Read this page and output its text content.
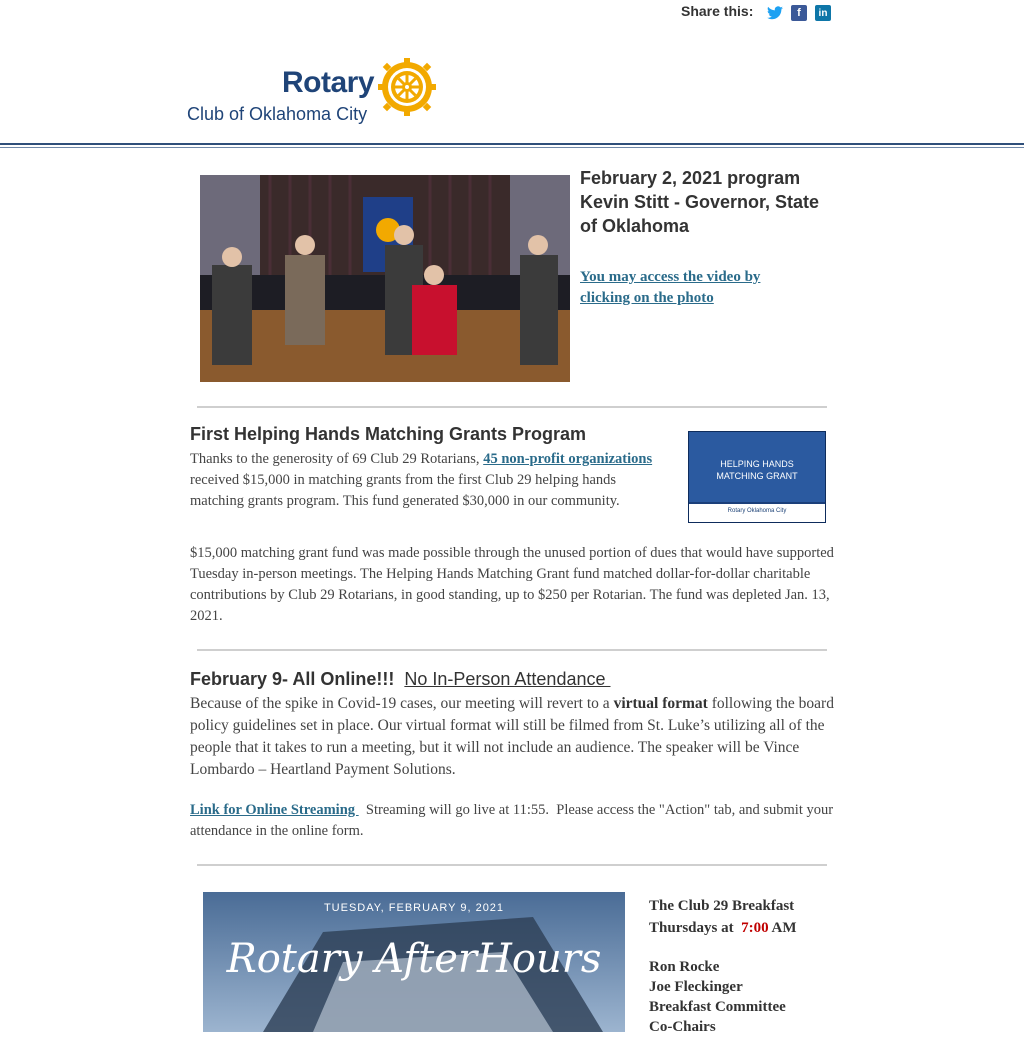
Share this:	f	in
Rotary
Club of Oklahoma City
February 2, 2021 program
Kevin Stitt - Governor, State of Oklahoma
You may access the video by clicking on the photo
First Helping Hands Matching Grants Program
Thanks to the generosity of 69 Club 29 Rotarians, 45 non-profit organizations received $15,000 in matching grants from the first Club 29 helping hands matching grants program. This fund generated $30,000 in our community.
HELPING HANDS MATCHING GRANT
Rotary Oklahoma City
$15,000 matching grant fund was made possible through the unused portion of dues that would have supported Tuesday in-person meetings. The Helping Hands Matching Grant fund matched dollar-for-dollar charitable contributions by Club 29 Rotarians, in good standing, up to $250 per Rotarian. The fund was depleted Jan. 13, 2021.
February 9- All Online!!!  No In-Person Attendance
Because of the spike in Covid-19 cases, our meeting will revert to a virtual format following the board policy guidelines set in place. Our virtual format will still be filmed from St. Luke’s utilizing all of the people that it takes to run a meeting, but it will not include an audience. The speaker will be Vince Lombardo – Heartland Payment Solutions.
Link for Online Streaming   Streaming will go live at 11:55.  Please access the "Action" tab, and submit your attendance in the online form.
TUESDAY, FEBRUARY 9, 2021
Rotary AfterHours
The Club 29 Breakfast
Thursdays at  7:00 AM
Ron Rocke
Joe Fleckinger
Breakfast Committee
Co-Chairs
